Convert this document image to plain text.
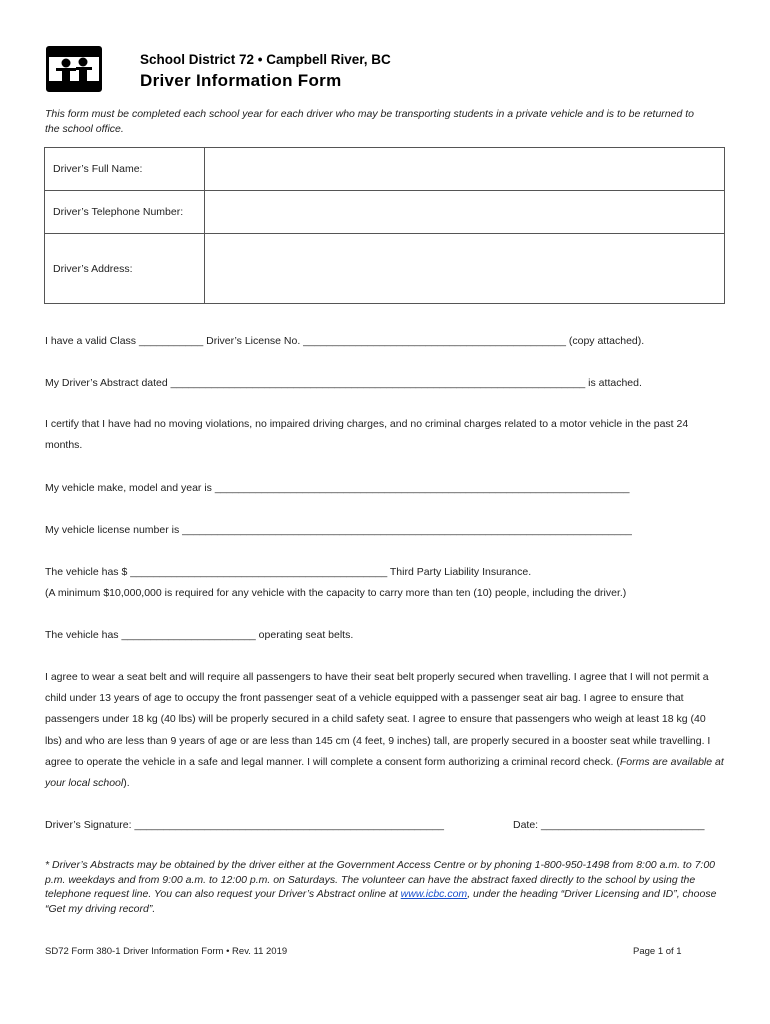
School District 72 • Campbell River, BC
Driver Information Form
This form must be completed each school year for each driver who may be transporting students in a private vehicle and is to be returned to the school office.
Driver’s Full Name:	
Driver’s Telephone Number:	
Driver’s Address:	
I have a valid Class ___________ Driver’s License No. _____________________________________________ (copy attached).
My Driver’s Abstract dated _______________________________________________________________________ is attached.
I certify that I have had no moving violations, no impaired driving charges, and no criminal charges related to a motor vehicle in the past 24 months.
My vehicle make, model and year is _______________________________________________________________________
My vehicle license number is _____________________________________________________________________________
The vehicle has $ ____________________________________________ Third Party Liability Insurance.
(A minimum $10,000,000 is required for any vehicle with the capacity to carry more than ten (10) people, including the driver.)
The vehicle has _______________________ operating seat belts.
I agree to wear a seat belt and will require all passengers to have their seat belt properly secured when travelling. I agree that I will not permit a child under 13 years of age to occupy the front passenger seat of a vehicle equipped with a passenger seat air bag. I agree to ensure that passengers under 18 kg (40 lbs) will be properly secured in a child safety seat. I agree to ensure that passengers who weigh at least 18 kg (40 lbs) and who are less than 9 years of age or are less than 145 cm (4 feet, 9 inches) tall, are properly secured in a booster seat while travelling. I agree to operate the vehicle in a safe and legal manner. I will complete a consent form authorizing a criminal record check. (Forms are available at your local school).
Driver’s Signature: _____________________________________________________	Date: ____________________________
* Driver’s Abstracts may be obtained by the driver either at the Government Access Centre or by phoning 1-800-950-1498 from 8:00 a.m. to 7:00 p.m. weekdays and from 9:00 a.m. to 12:00 p.m. on Saturdays. The volunteer can have the abstract faxed directly to the school by using the telephone request line. You can also request your Driver’s Abstract online at www.icbc.com, under the heading “Driver Licensing and ID”, choose “Get my driving record”.
SD72 Form 380-1 Driver Information Form • Rev. 11 2019	Page 1 of 1
